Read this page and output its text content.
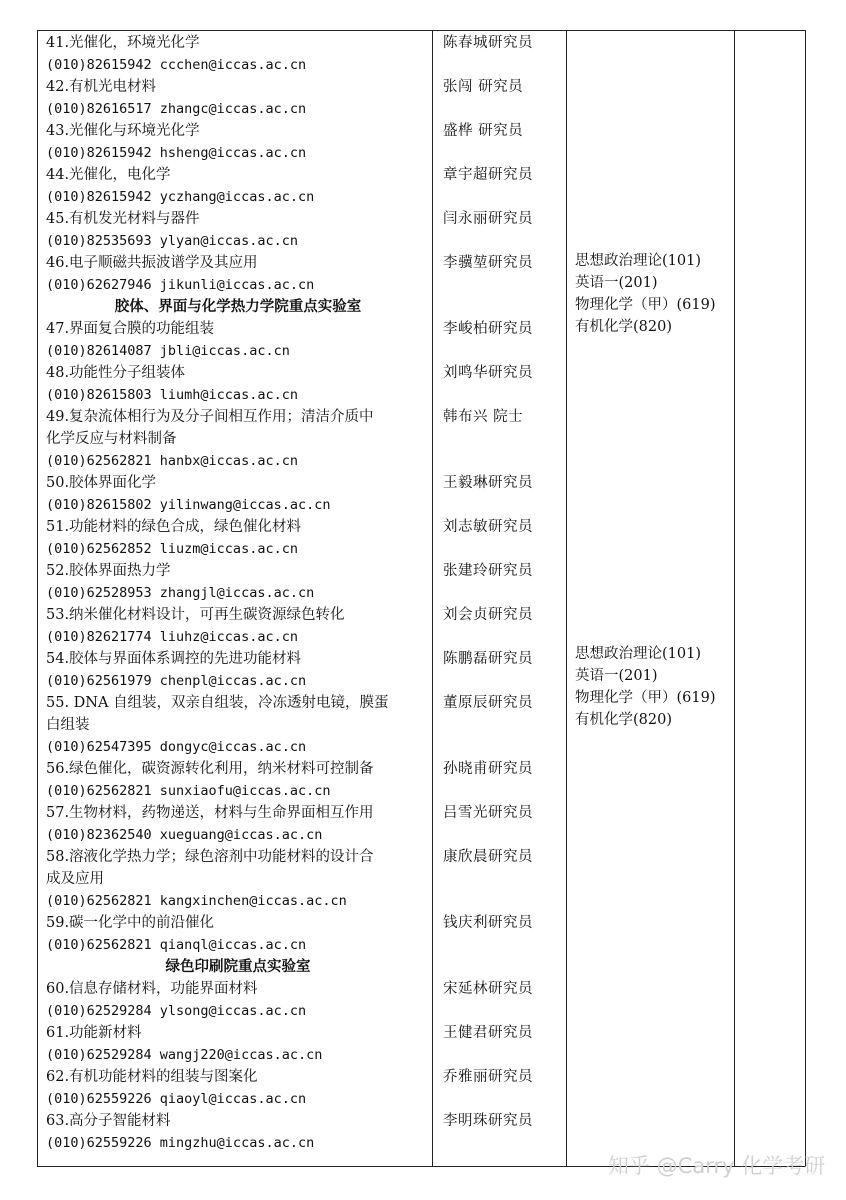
41.光催化，环境光化学
(010)82615942 ccchen@iccas.ac.cn
42.有机光电材料
(010)82616517 zhangc@iccas.ac.cn
43.光催化与环境光化学
(010)82615942 hsheng@iccas.ac.cn
44.光催化，电化学
(010)82615942 yczhang@iccas.ac.cn
45.有机发光材料与器件
(010)82535693 ylyan@iccas.ac.cn
46.电子顺磁共振波谱学及其应用
(010)62627946 jikunli@iccas.ac.cn
胶体、界面与化学热力学院重点实验室
47.界面复合膜的功能组装
(010)82614087 jbli@iccas.ac.cn
48.功能性分子组装体
(010)82615803 liumh@iccas.ac.cn
49.复杂流体相行为及分子间相互作用；清洁介质中
化学反应与材料制备
(010)62562821 hanbx@iccas.ac.cn
50.胶体界面化学
(010)82615802 yilinwang@iccas.ac.cn
51.功能材料的绿色合成，绿色催化材料
(010)62562852 liuzm@iccas.ac.cn
52.胶体界面热力学
(010)62528953 zhangjl@iccas.ac.cn
53.纳米催化材料设计，可再生碳资源绿色转化
(010)82621774 liuhz@iccas.ac.cn
54.胶体与界面体系调控的先进功能材料
(010)62561979 chenpl@iccas.ac.cn
55. DNA 自组装，双亲自组装，冷冻透射电镜，膜蛋
白组装
(010)62547395 dongyc@iccas.ac.cn
56.绿色催化，碳资源转化利用，纳米材料可控制备
(010)62562821 sunxiaofu@iccas.ac.cn
57.生物材料，药物递送，材料与生命界面相互作用
(010)82362540 xueguang@iccas.ac.cn
58.溶液化学热力学；绿色溶剂中功能材料的设计合
成及应用
(010)62562821 kangxinchen@iccas.ac.cn
59.碳一化学中的前沿催化
(010)62562821 qianql@iccas.ac.cn
绿色印刷院重点实验室
60.信息存储材料，功能界面材料
(010)62529284 ylsong@iccas.ac.cn
61.功能新材料
(010)62529284 wangj220@iccas.ac.cn
62.有机功能材料的组装与图案化
(010)62559226 qiaoyl@iccas.ac.cn
63.高分子智能材料
(010)62559226 mingzhu@iccas.ac.cn
陈春城研究员
张闯 研究员
盛桦 研究员
章宇超研究员
闫永丽研究员
李骥堃研究员
李峻柏研究员
刘鸣华研究员
韩布兴 院士
王毅琳研究员
刘志敏研究员
张建玲研究员
刘会贞研究员
陈鹏磊研究员
董原辰研究员
孙晓甫研究员
吕雪光研究员
康欣晨研究员
钱庆利研究员
宋延林研究员
王健君研究员
乔雅丽研究员
李明珠研究员
思想政治理论(101)
英语一(201)
物理化学（甲）(619)
有机化学(820)
思想政治理论(101)
英语一(201)
物理化学（甲）(619)
有机化学(820)
知乎 @Carry 化学考研
